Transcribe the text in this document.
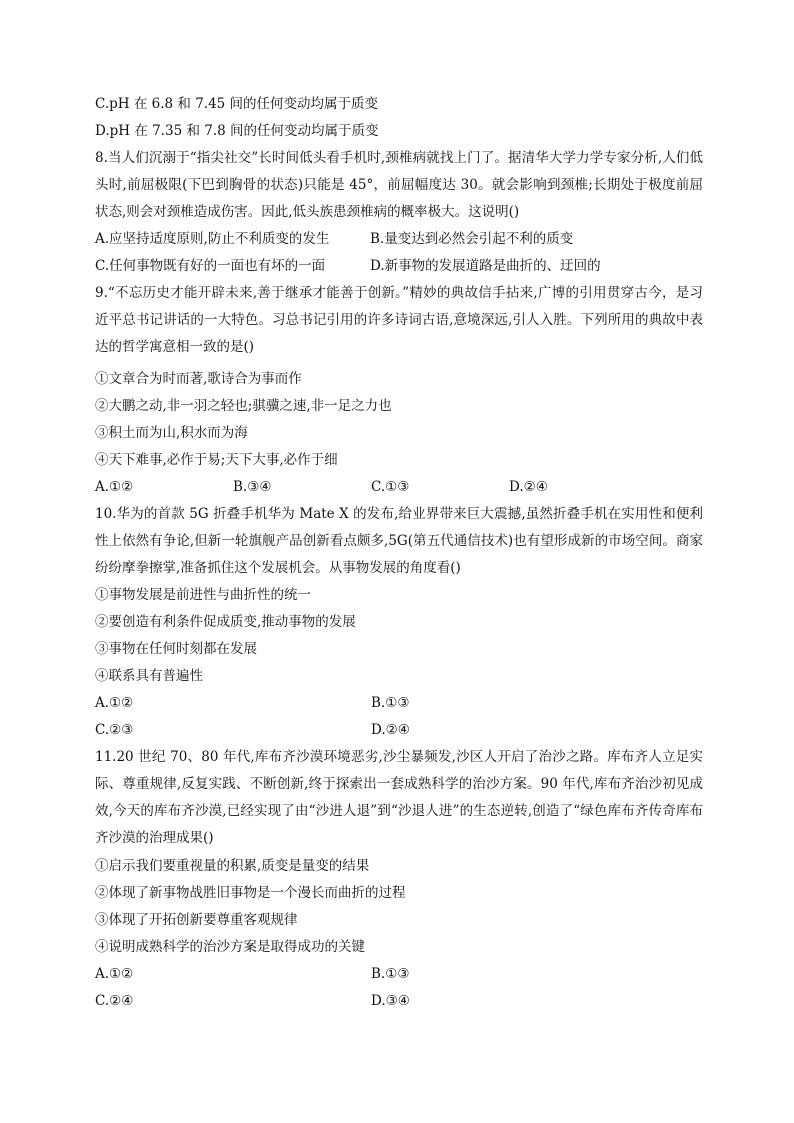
C.pH 在 6.8 和 7.45 间的任何变动均属于质变
D.pH 在 7.35 和 7.8 间的任何变动均属于质变
8.当人们沉溺于“指尖社交”长时间低头看手机时,颈椎病就找上门了。据清华大学力学专家分析,人们低头时,前屈极限(下巴到胸骨的状态)只能是 45°，前屈幅度达 30。就会影响到颈椎;长期处于极度前屈状态,则会对颈椎造成伤害。因此,低头族患颈椎病的概率极大。这说明()
A.应坚持适度原则,防止不利质变的发生	B.量变达到必然会引起不利的质变
C.任何事物既有好的一面也有坏的一面	D.新事物的发展道路是曲折的、迂回的
9.“不忘历史才能开辟未来,善于继承才能善于创新。”精妙的典故信手拈来,广博的引用贯穿古今，是习近平总书记讲话的一大特色。习总书记引用的许多诗词古语,意境深远,引人入胜。下列所用的典故中表达的哲学寓意相一致的是()
①文章合为时而著,歌诗合为事而作
②大鹏之动,非一羽之轻也;骐骥之速,非一足之力也
③积土而为山,积水而为海
④天下难事,必作于易;天下大事,必作于细
A.①②	B.③④	C.①③	D.②④
10.华为的首款 5G 折叠手机华为 Mate X 的发布,给业界带来巨大震撼,虽然折叠手机在实用性和便利性上依然有争论,但新一轮旗舰产品创新看点颇多,5G(第五代通信技术)也有望形成新的市场空间。商家纷纷摩拳擦掌,准备抓住这个发展机会。从事物发展的角度看()
①事物发展是前进性与曲折性的统一
②要创造有利条件促成质变,推动事物的发展
③事物在任何时刻都在发展
④联系具有普遍性
A.①②	B.①③
C.②③	D.②④
11.20 世纪 70、80 年代,库布齐沙漠环境恶劣,沙尘暴频发,沙区人开启了治沙之路。库布齐人立足实际、尊重规律,反复实践、不断创新,终于探索出一套成熟科学的治沙方案。90 年代,库布齐治沙初见成效,今天的库布齐沙漠,已经实现了由“沙进人退”到“沙退人进”的生态逆转,创造了“绿色库布齐传奇库布齐沙漠的治理成果()
①启示我们要重视量的积累,质变是量变的结果
②体现了新事物战胜旧事物是一个漫长而曲折的过程
③体现了开拓创新要尊重客观规律
④说明成熟科学的治沙方案是取得成功的关键
A.①②	B.①③
C.②④	D.③④
